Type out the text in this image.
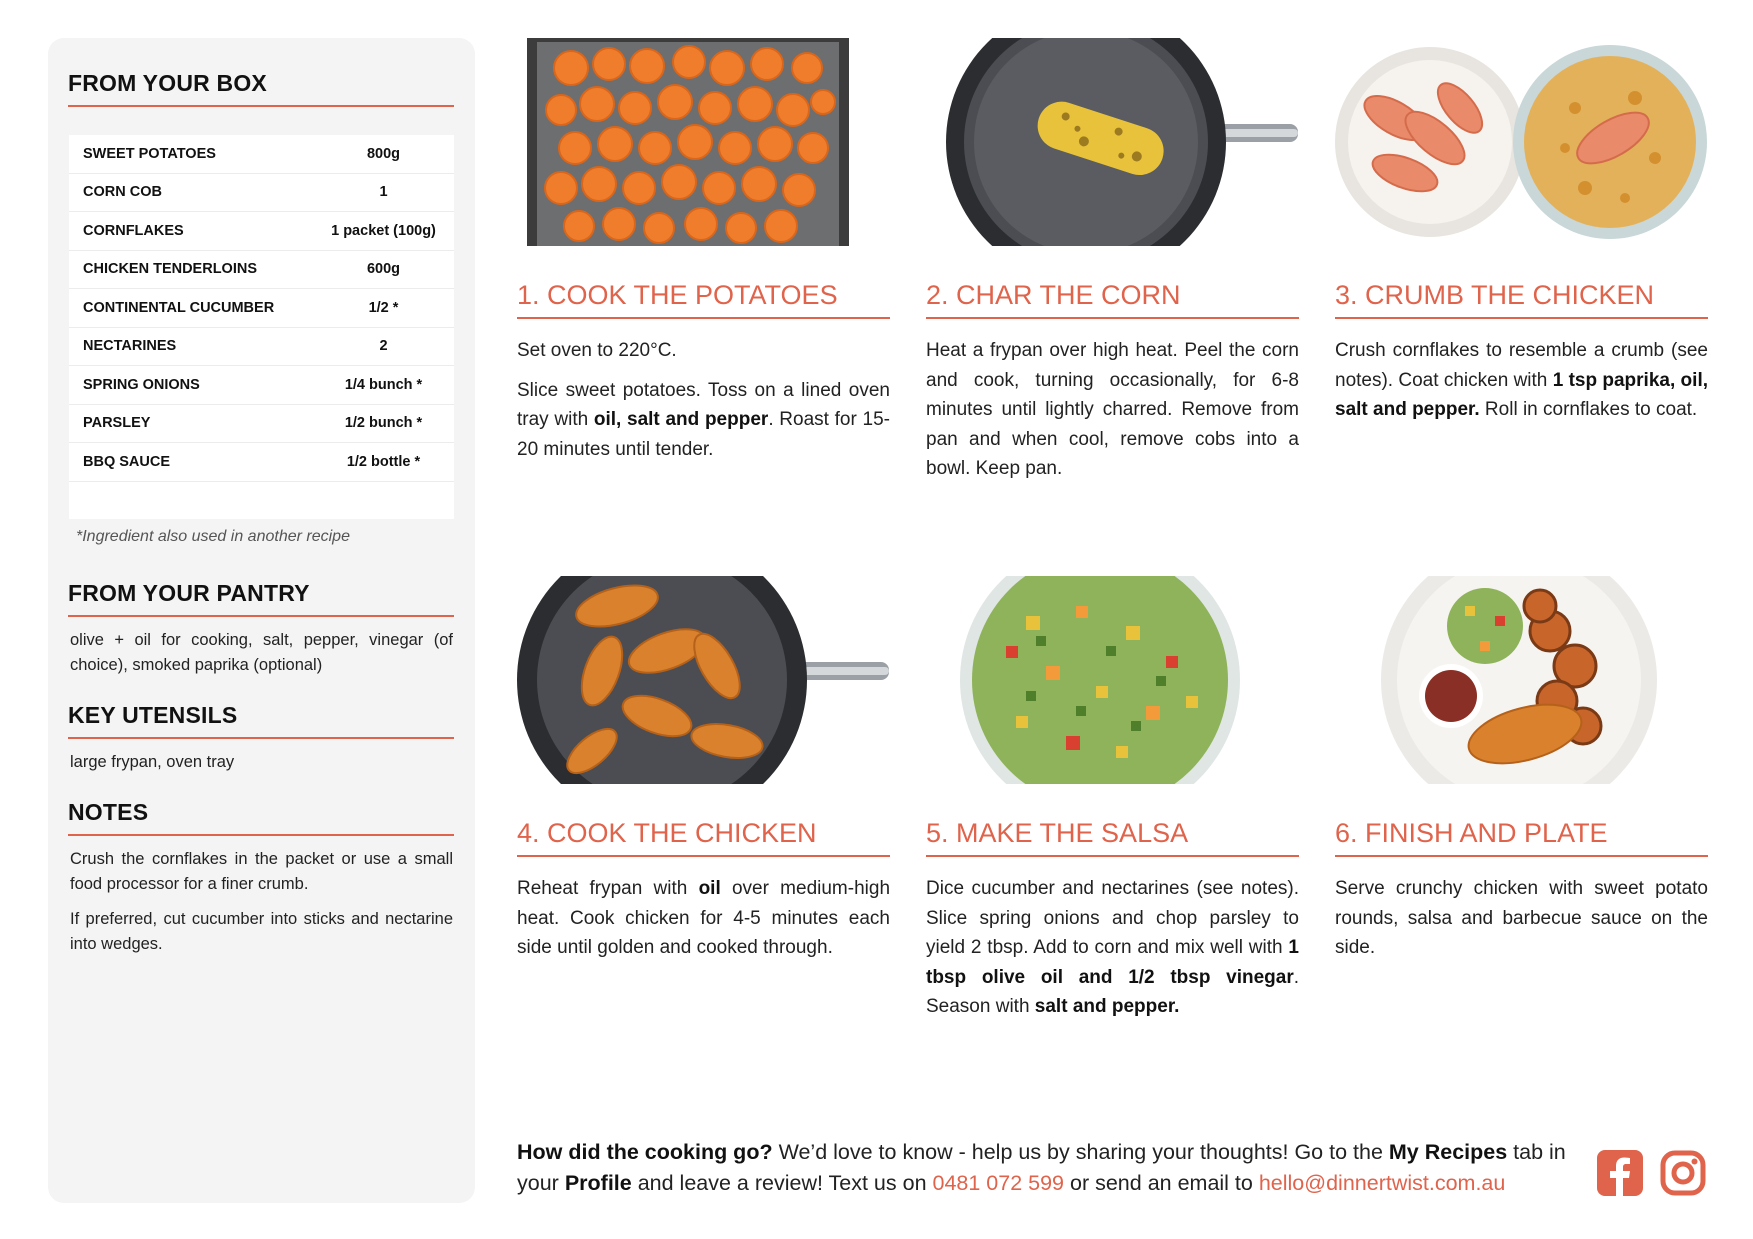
FROM YOUR BOX
SWEET POTATOES	800g
CORN COB	1
CORNFLAKES	1 packet (100g)
CHICKEN TENDERLOINS	600g
CONTINENTAL CUCUMBER	1/2 *
NECTARINES	2
SPRING ONIONS	1/4 bunch *
PARSLEY	1/2 bunch *
BBQ SAUCE	1/2 bottle *

*Ingredient also used in another recipe

FROM YOUR PANTRY

olive + oil for cooking, salt, pepper, vinegar (of choice), smoked paprika (optional)

KEY UTENSILS

large frypan, oven tray

NOTES

Crush the cornflakes in the packet or use a small food processor for a finer crumb.

If preferred, cut cucumber into sticks and nectarine into wedges.

1. COOK THE POTATOES

Set oven to 220°C.

Slice sweet potatoes. Toss on a lined oven tray with oil, salt and pepper. Roast for 15-20 minutes until tender.

2. CHAR THE CORN

Heat a frypan over high heat. Peel the corn and cook, turning occasionally, for 6-8 minutes until lightly charred. Remove from pan and when cool, remove cobs into a bowl. Keep pan.

3. CRUMB THE CHICKEN

Crush cornflakes to resemble a crumb (see notes). Coat chicken with 1 tsp paprika, oil, salt and pepper. Roll in cornflakes to coat.

4. COOK THE CHICKEN

Reheat frypan with oil over medium-high heat. Cook chicken for 4-5 minutes each side until golden and cooked through.

5. MAKE THE SALSA

Dice cucumber and nectarines (see notes). Slice spring onions and chop parsley to yield 2 tbsp. Add to corn and mix well with 1 tbsp olive oil and 1/2 tbsp vinegar. Season with salt and pepper.

6. FINISH AND PLATE

Serve crunchy chicken with sweet potato rounds, salsa and barbecue sauce on the side.

How did the cooking go? We’d love to know - help us by sharing your thoughts! Go to the My Recipes tab in your Profile and leave a review! Text us on 0481 072 599 or send an email to hello@dinnertwist.com.au
